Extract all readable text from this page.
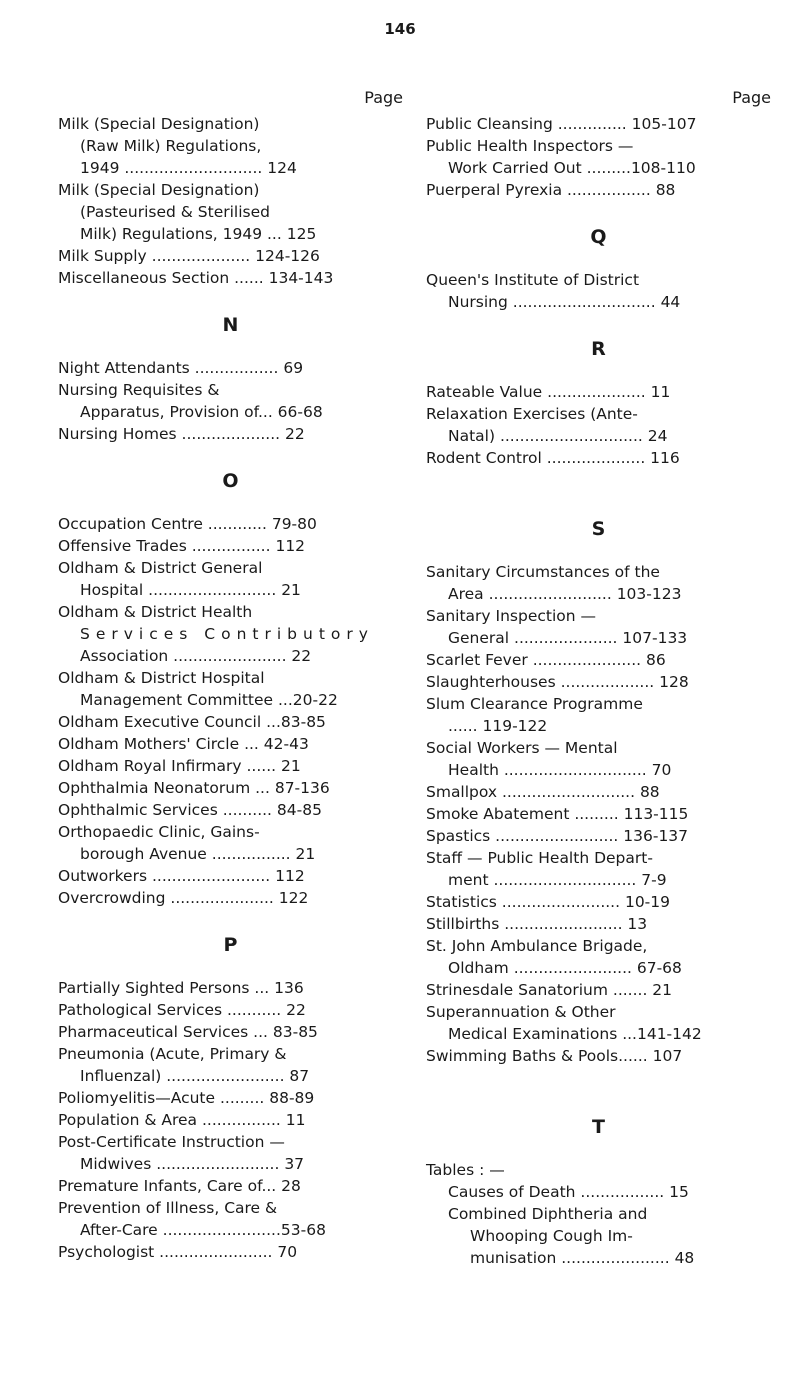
146
Page
Milk (Special Designation)
(Raw Milk) Regulations,
1949 ............................ 124
Milk (Special Designation)
(Pasteurised & Sterilised
Milk) Regulations, 1949 ... 125
Milk Supply .................... 124-126
Miscellaneous Section ...... 134-143
N
Night Attendants ................. 69
Nursing Requisites &
Apparatus, Provision of... 66-68
Nursing Homes .................... 22
O
Occupation Centre ............ 79-80
Offensive Trades ................ 112
Oldham & District General
Hospital .......................... 21
Oldham & District Health
Services Contributory
Association ....................... 22
Oldham & District Hospital
Management Committee ...20-22
Oldham Executive Council ...83-85
Oldham Mothers' Circle ... 42-43
Oldham Royal Infirmary ...... 21
Ophthalmia Neonatorum ... 87-136
Ophthalmic Services .......... 84-85
Orthopaedic Clinic, Gains-
borough Avenue ................ 21
Outworkers ........................ 112
Overcrowding ..................... 122
P
Partially Sighted Persons ... 136
Pathological Services ........... 22
Pharmaceutical Services ... 83-85
Pneumonia (Acute, Primary &
Influenzal) ........................ 87
Poliomyelitis—Acute ......... 88-89
Population & Area ................ 11
Post-Certificate Instruction —
Midwives ......................... 37
Premature Infants, Care of... 28
Prevention of Illness, Care &
After-Care ........................53-68
Psychologist ....................... 70
Page
Public Cleansing .............. 105-107
Public Health Inspectors —
Work Carried Out .........108-110
Puerperal Pyrexia ................. 88
Q
Queen's Institute of District
Nursing ............................. 44
R
Rateable Value .................... 11
Relaxation Exercises (Ante-
Natal) ............................. 24
Rodent Control .................... 116
S
Sanitary Circumstances of the
Area ......................... 103-123
Sanitary Inspection —
General ..................... 107-133
Scarlet Fever ...................... 86
Slaughterhouses ................... 128
Slum Clearance Programme
...... 119-122
Social Workers — Mental
Health ............................. 70
Smallpox ........................... 88
Smoke Abatement ......... 113-115
Spastics ......................... 136-137
Staff — Public Health Depart-
ment ............................. 7-9
Statistics ........................ 10-19
Stillbirths ........................ 13
St. John Ambulance Brigade,
Oldham ........................ 67-68
Strinesdale Sanatorium ....... 21
Superannuation & Other
Medical Examinations ...141-142
Swimming Baths & Pools...... 107
T
Tables : —
Causes of Death ................. 15
Combined Diphtheria and
Whooping Cough Im-
munisation ...................... 48
